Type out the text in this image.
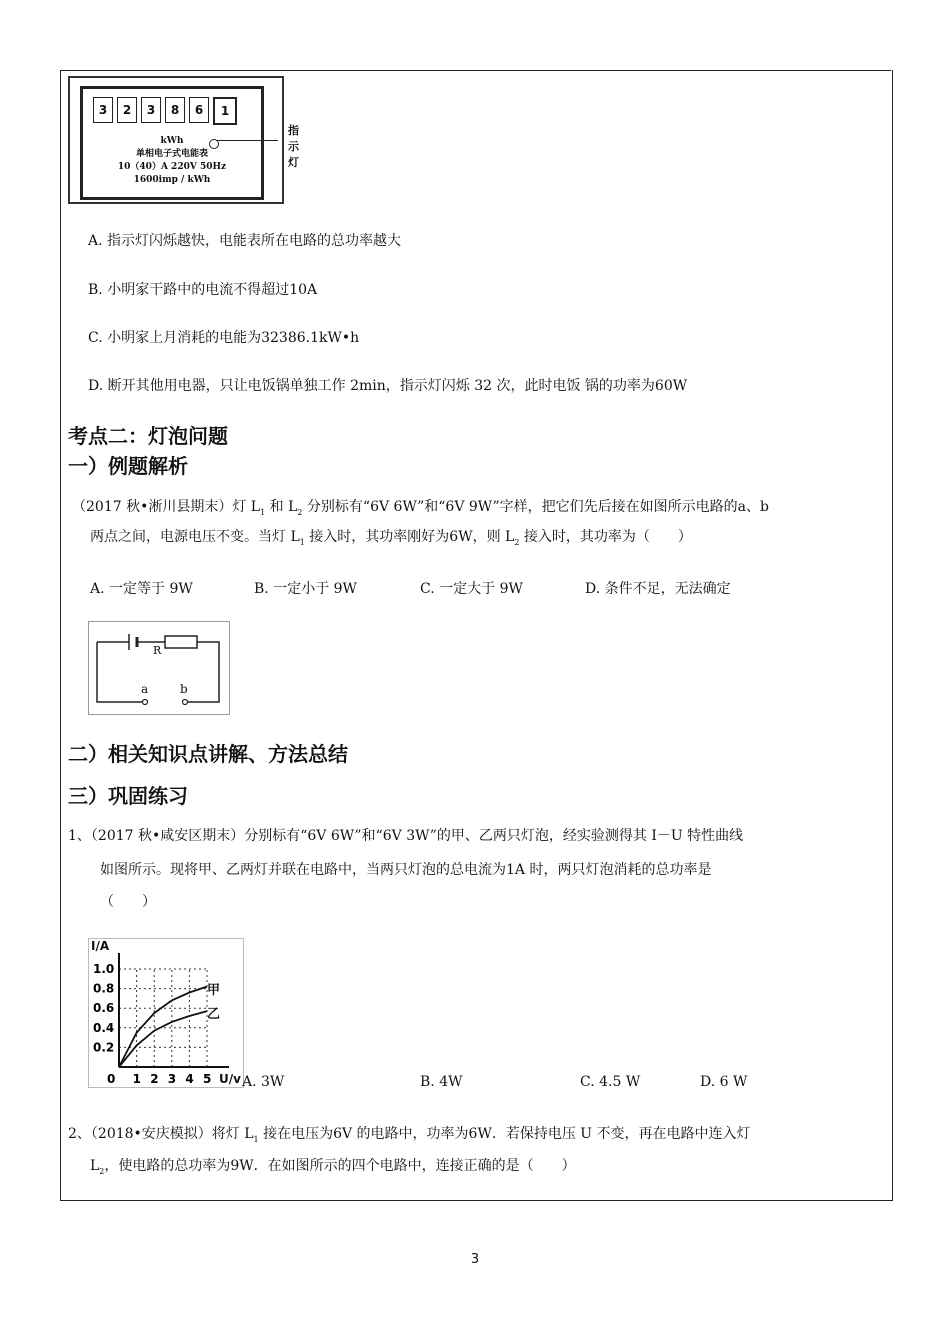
3	2	3	8	6	1
kWh
单相电子式电能表
10（40）A 220V 50Hz
1600imp / kWh
指示灯
A. 指示灯闪烁越快，电能表所在电路的总功率越大
B. 小明家干路中的电流不得超过10A
C. 小明家上月消耗的电能为32386.1kW•h
D. 断开其他用电器，只让电饭锅单独工作 2min，指示灯闪烁 32 次，此时电饭 锅的功率为60W
考点二：灯泡问题
一）例题解析
（2017 秋•淅川县期末）灯 $L_1$ 和 $L_2$ 分别标有“6V 6W”和“6V 9W”字样，把它们先后接在如图所示电路的a、b
两点之间，电源电压不变。当灯 $L_1$ 接入时，其功率刚好为6W，则 $L_2$ 接入时，其功率为（　　）
A. 一定等于 9W	B. 一定小于 9W	C. 一定大于 9W	D. 条件不足，无法确定
R
a	b
二）相关知识点讲解、方法总结
三）巩固练习
1、（2017 秋•咸安区期末）分别标有“6V 6W”和“6V 3W”的甲、乙两只灯泡，经实验测得其 I－U 特性曲线
如图所示。现将甲、乙两灯并联在电路中，当两只灯泡的总电流为1A 时，两只灯泡消耗的总功率是
（　　）
0 1 2 3 4 5
0.2
0.4
0.6
0.8
1.0
I/A
U/v
甲
乙
A. 3W	B. 4W	C. 4.5 W	D. 6 W
2、（2018•安庆模拟）将灯 $L_1$ 接在电压为6V 的电路中，功率为6W．若保持电压 U 不变，再在电路中连入灯
$L_2$，使电路的总功率为9W．在如图所示的四个电路中，连接正确的是（　　）
3
